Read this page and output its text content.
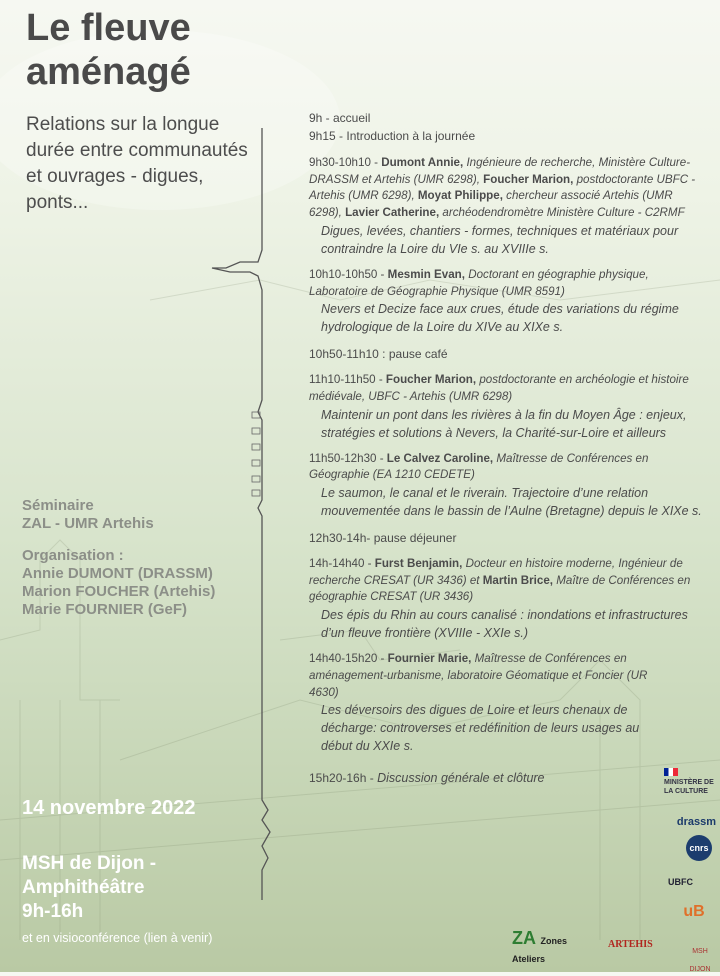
Le fleuve
aménagé
Relations sur la longue durée entre communautés et ouvrages - digues, ponts...
Séminaire
ZAL - UMR Artehis
Organisation :
Annie DUMONT (DRASSM)
Marion FOUCHER (Artehis)
Marie FOURNIER (GeF)
14 novembre 2022
MSH de Dijon -
Amphithéâtre
9h-16h
et en visioconférence (lien à venir)
9h - accueil
9h15 - Introduction à la journée
9h30-10h10 - Dumont Annie, Ingénieure de recherche, Ministère Culture-DRASSM et Artehis (UMR 6298), Foucher Marion, postdoctorante UBFC - Artehis (UMR 6298), Moyat Philippe, chercheur associé Artehis (UMR 6298), Lavier Catherine, archéodendromètre Ministère Culture - C2RMF
Digues, levées, chantiers - formes, techniques et matériaux pour contraindre la Loire du VIe s. au XVIIIe s.
10h10-10h50 - Mesmin Evan, Doctorant en géographie physique, Laboratoire de Géographie Physique (UMR 8591)
Nevers et Decize face aux crues, étude des variations du régime hydrologique de la Loire du XIVe au XIXe s.
10h50-11h10 : pause café
11h10-11h50 - Foucher Marion, postdoctorante en archéologie et histoire médiévale, UBFC - Artehis (UMR 6298)
Maintenir un pont dans les rivières à la fin du Moyen Âge : enjeux, stratégies et solutions à Nevers, la Charité-sur-Loire et ailleurs
11h50-12h30 - Le Calvez Caroline, Maîtresse de Conférences en Géographie (EA 1210 CEDETE)
Le saumon, le canal et le riverain. Trajectoire d’une relation mouvementée dans le bassin de l’Aulne (Bretagne) depuis le XIXe s.
12h30-14h- pause déjeuner
14h-14h40 - Furst Benjamin, Docteur en histoire moderne, Ingénieur de recherche CRESAT (UR 3436) et Martin Brice, Maître de Conférences en géographie CRESAT (UR 3436)
Des épis du Rhin au cours canalisé : inondations et infrastructures d’un fleuve frontière (XVIIIe - XXIe s.)
14h40-15h20 - Fournier Marie, Maîtresse de Conférences en aménagement-urbanisme, laboratoire Géomatique et Foncier (UR 4630)
Les déversoirs des digues de Loire et leurs chenaux de décharge: controverses et redéfinition de leurs usages au début du XXIe s.
15h20-16h - Discussion générale et clôture	MINISTÈRE DE LA CULTURE
drassm
cnrs
UBFC
uB
ZA Zones Ateliers
ARTEHIS
MSH DIJON
